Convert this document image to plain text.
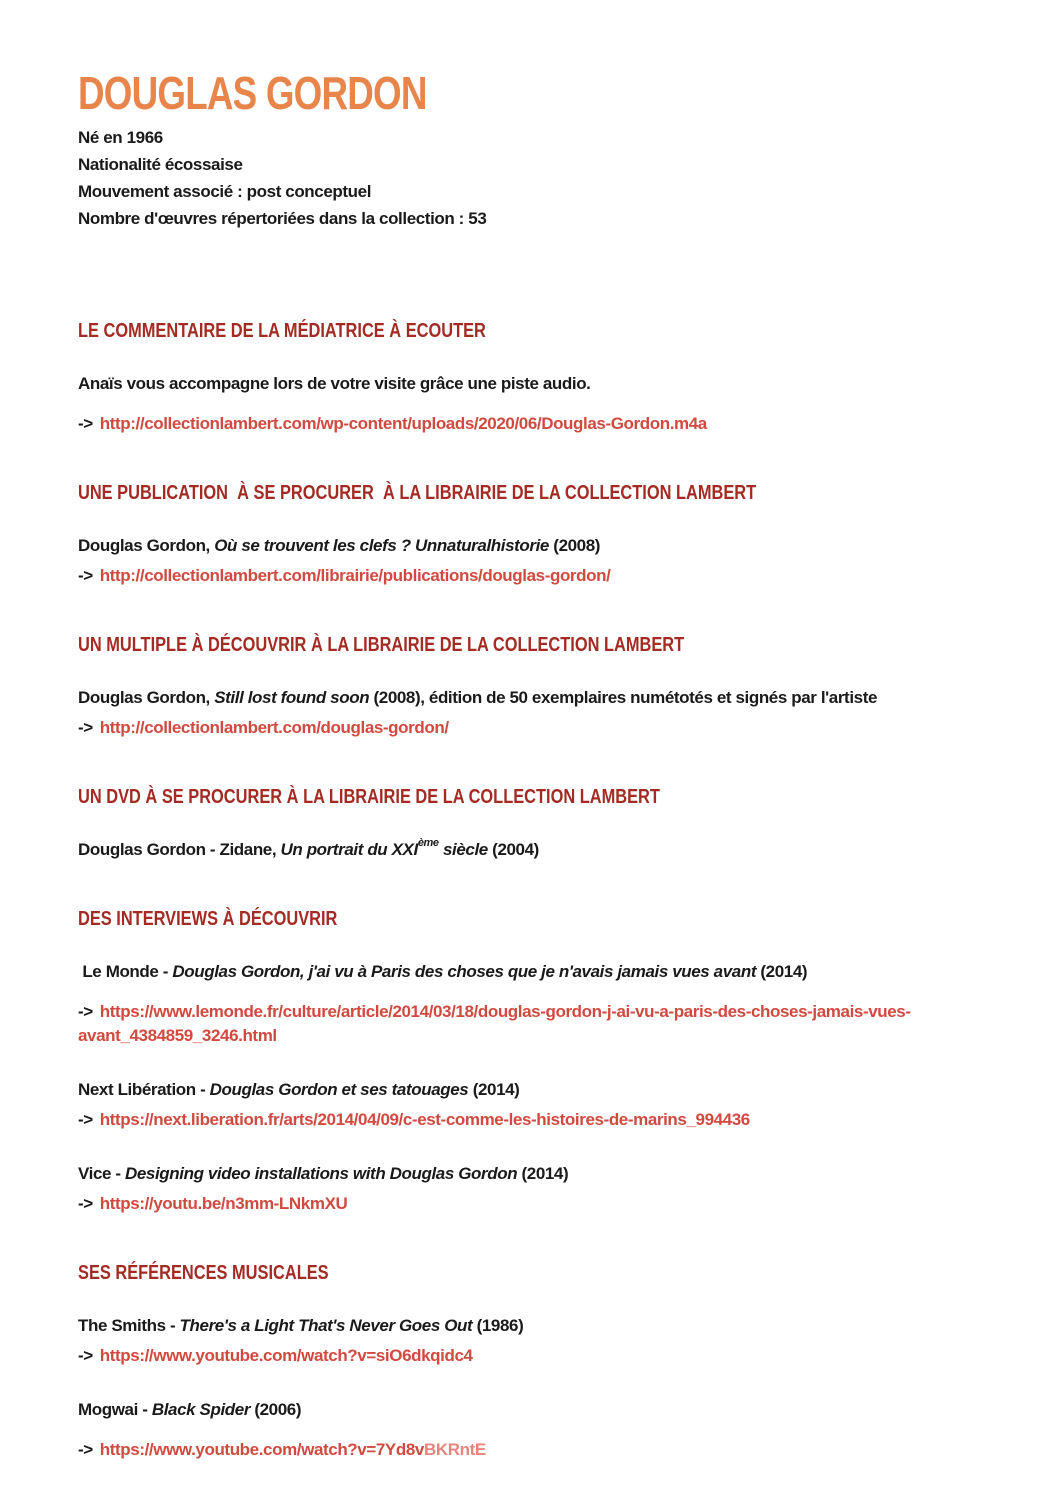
DOUGLAS GORDON
Né en 1966
Nationalité écossaise
Mouvement associé : post conceptuel
Nombre d'œuvres répertoriées dans la collection : 53
LE COMMENTAIRE DE LA MÉDIATRICE À ECOUTER
Anaïs vous accompagne lors de votre visite grâce une piste audio.
-> http://collectionlambert.com/wp-content/uploads/2020/06/Douglas-Gordon.m4a
UNE PUBLICATION  À SE PROCURER  À LA LIBRAIRIE DE LA COLLECTION LAMBERT
Douglas Gordon, Où se trouvent les clefs ? Unnaturalhistorie (2008)
-> http://collectionlambert.com/librairie/publications/douglas-gordon/
UN MULTIPLE À DÉCOUVRIR À LA LIBRAIRIE DE LA COLLECTION LAMBERT
Douglas Gordon, Still lost found soon (2008), édition de 50 exemplaires numétotés et signés par l'artiste
-> http://collectionlambert.com/douglas-gordon/
UN DVD À SE PROCURER À LA LIBRAIRIE DE LA COLLECTION LAMBERT
Douglas Gordon - Zidane, Un portrait du XXIème siècle (2004)
DES INTERVIEWS À DÉCOUVRIR
Le Monde - Douglas Gordon, j'ai vu à Paris des choses que je n'avais jamais vues avant (2014)
-> https://www.lemonde.fr/culture/article/2014/03/18/douglas-gordon-j-ai-vu-a-paris-des-choses-jamais-vues-avant_4384859_3246.html
Next Libération - Douglas Gordon et ses tatouages (2014)
-> https://next.liberation.fr/arts/2014/04/09/c-est-comme-les-histoires-de-marins_994436
Vice - Designing video installations with Douglas Gordon (2014)
-> https://youtu.be/n3mm-LNkmXU
SES RÉFÉRENCES MUSICALES
The Smiths - There's a Light That's Never Goes Out (1986)
-> https://www.youtube.com/watch?v=siO6dkqidc4
Mogwai - Black Spider (2006)
-> https://www.youtube.com/watch?v=7Yd8vBKRntE
